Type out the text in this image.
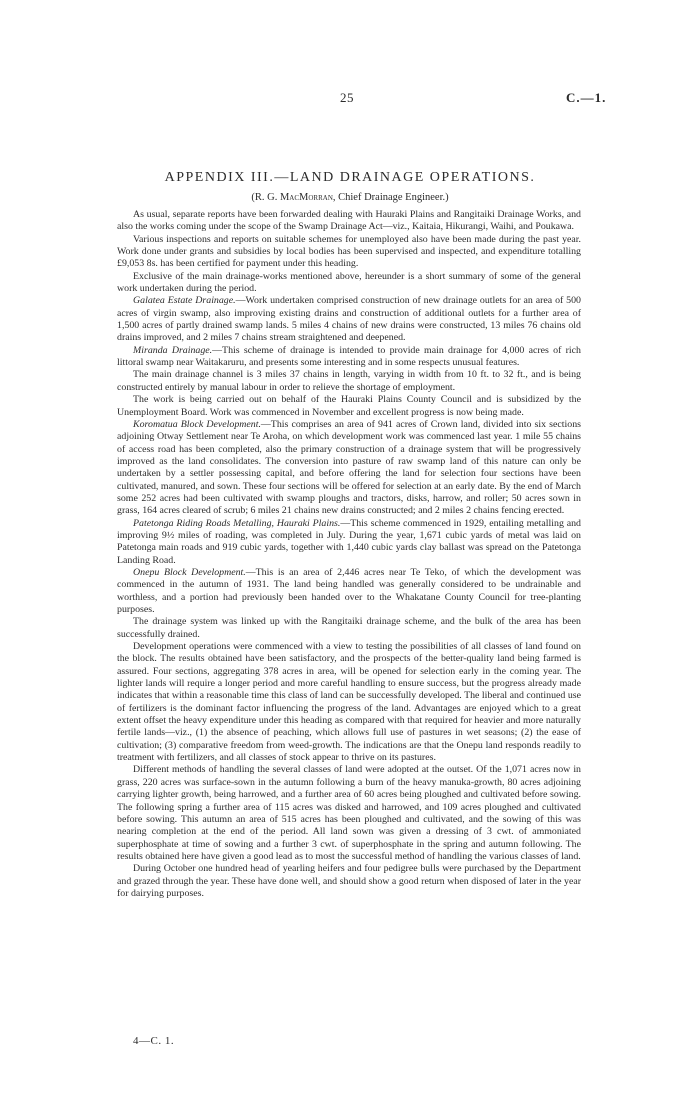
25	C.—1.
APPENDIX III.—LAND DRAINAGE OPERATIONS.
(R. G. MacMorran, Chief Drainage Engineer.)

As usual, separate reports have been forwarded dealing with Hauraki Plains and Rangitaiki Drainage Works, and also the works coming under the scope of the Swamp Drainage Act—viz., Kaitaia, Hikurangi, Waihi, and Poukawa.

Various inspections and reports on suitable schemes for unemployed also have been made during the past year. Work done under grants and subsidies by local bodies has been supervised and inspected, and expenditure totalling £9,053 8s. has been certified for payment under this heading.

Exclusive of the main drainage-works mentioned above, hereunder is a short summary of some of the general work undertaken during the period.

Galatea Estate Drainage.—Work undertaken comprised construction of new drainage outlets for an area of 500 acres of virgin swamp, also improving existing drains and construction of additional outlets for a further area of 1,500 acres of partly drained swamp lands. 5 miles 4 chains of new drains were constructed, 13 miles 76 chains old drains improved, and 2 miles 7 chains stream straightened and deepened.

Miranda Drainage.—This scheme of drainage is intended to provide main drainage for 4,000 acres of rich littoral swamp near Waitakaruru, and presents some interesting and in some respects unusual features.

The main drainage channel is 3 miles 37 chains in length, varying in width from 10 ft. to 32 ft., and is being constructed entirely by manual labour in order to relieve the shortage of employment.

The work is being carried out on behalf of the Hauraki Plains County Council and is subsidized by the Unemployment Board. Work was commenced in November and excellent progress is now being made.

Koromatua Block Development.—This comprises an area of 941 acres of Crown land, divided into six sections adjoining Otway Settlement near Te Aroha, on which development work was commenced last year. 1 mile 55 chains of access road has been completed, also the primary construction of a drainage system that will be progressively improved as the land consolidates. The conversion into pasture of raw swamp land of this nature can only be undertaken by a settler possessing capital, and before offering the land for selection four sections have been cultivated, manured, and sown. These four sections will be offered for selection at an early date. By the end of March some 252 acres had been cultivated with swamp ploughs and tractors, disks, harrow, and roller; 50 acres sown in grass, 164 acres cleared of scrub; 6 miles 21 chains new drains constructed; and 2 miles 2 chains fencing erected.

Patetonga Riding Roads Metalling, Hauraki Plains.—This scheme commenced in 1929, entailing metalling and improving 9½ miles of roading, was completed in July. During the year, 1,671 cubic yards of metal was laid on Patetonga main roads and 919 cubic yards, together with 1,440 cubic yards clay ballast was spread on the Patetonga Landing Road.

Onepu Block Development.—This is an area of 2,446 acres near Te Teko, of which the development was commenced in the autumn of 1931. The land being handled was generally considered to be undrainable and worthless, and a portion had previously been handed over to the Whakatane County Council for tree-planting purposes.

The drainage system was linked up with the Rangitaiki drainage scheme, and the bulk of the area has been successfully drained.

Development operations were commenced with a view to testing the possibilities of all classes of land found on the block. The results obtained have been satisfactory, and the prospects of the better-quality land being farmed is assured. Four sections, aggregating 378 acres in area, will be opened for selection early in the coming year. The lighter lands will require a longer period and more careful handling to ensure success, but the progress already made indicates that within a reasonable time this class of land can be successfully developed. The liberal and continued use of fertilizers is the dominant factor influencing the progress of the land. Advantages are enjoyed which to a great extent offset the heavy expenditure under this heading as compared with that required for heavier and more naturally fertile lands—viz., (1) the absence of peaching, which allows full use of pastures in wet seasons; (2) the ease of cultivation; (3) comparative freedom from weed-growth. The indications are that the Onepu land responds readily to treatment with fertilizers, and all classes of stock appear to thrive on its pastures.

Different methods of handling the several classes of land were adopted at the outset. Of the 1,071 acres now in grass, 220 acres was surface-sown in the autumn following a burn of the heavy manuka-growth, 80 acres adjoining carrying lighter growth, being harrowed, and a further area of 60 acres being ploughed and cultivated before sowing. The following spring a further area of 115 acres was disked and harrowed, and 109 acres ploughed and cultivated before sowing. This autumn an area of 515 acres has been ploughed and cultivated, and the sowing of this was nearing completion at the end of the period. All land sown was given a dressing of 3 cwt. of ammoniated superphosphate at time of sowing and a further 3 cwt. of superphosphate in the spring and autumn following. The results obtained here have given a good lead as to most the successful method of handling the various classes of land.

During October one hundred head of yearling heifers and four pedigree bulls were purchased by the Department and grazed through the year. These have done well, and should show a good return when disposed of later in the year for dairying purposes.

4—C. 1.
